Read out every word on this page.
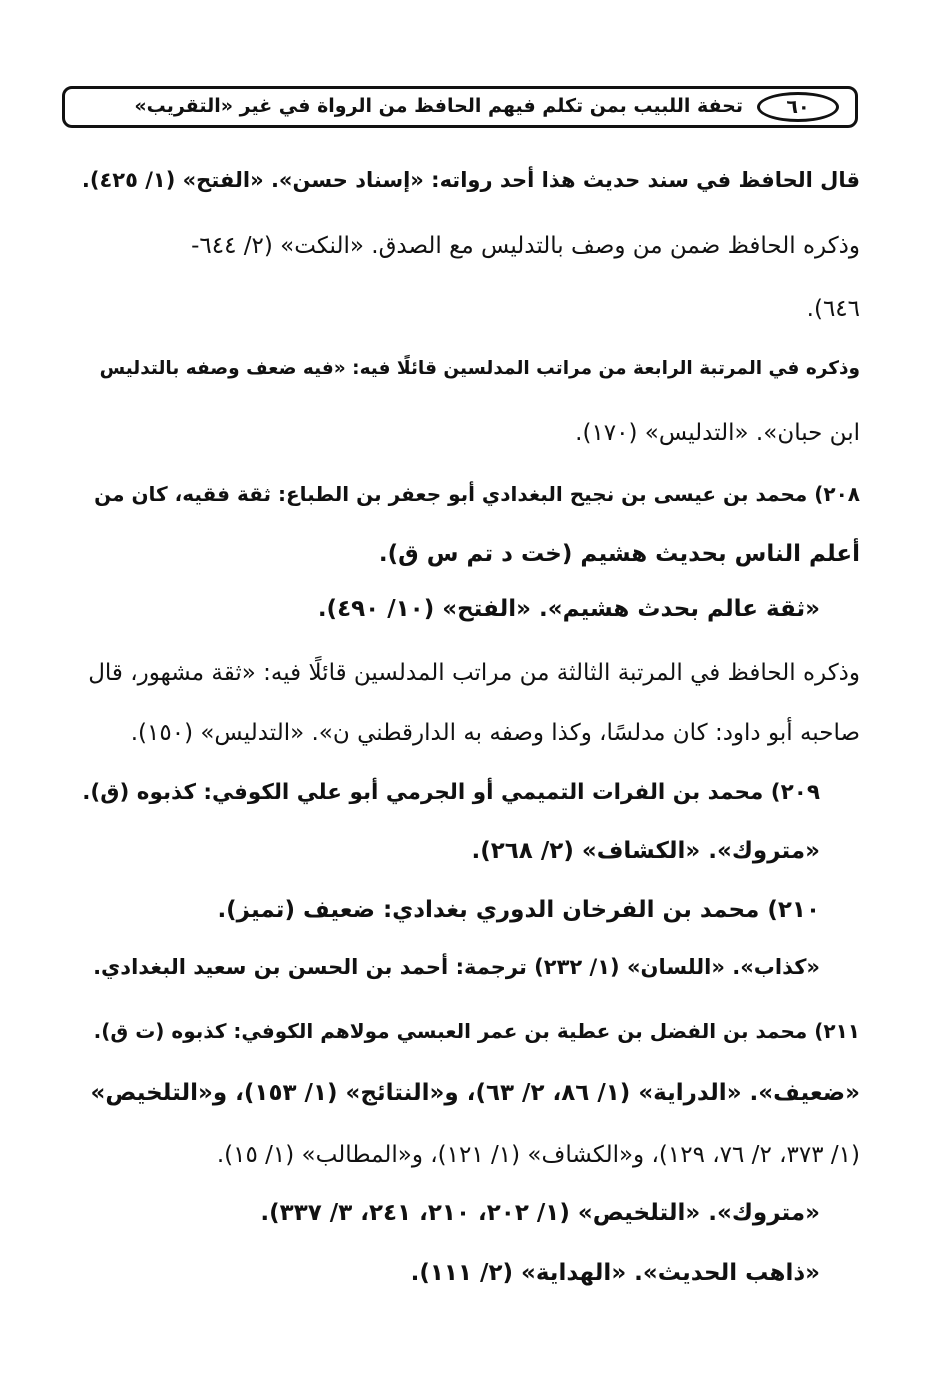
٦٠
تحفة اللبيب بمن تكلم فيهم الحافظ من الرواة في غير «التقريب»
قال الحافظ في سند حديث هذا أحد رواته: «إسناد حسن». «الفتح» (١/ ٤٢٥).
وذكره الحافظ ضمن من وصف بالتدليس مع الصدق. «النكت» (٢/ ٦٤٤-
٦٤٦).
وذكره في المرتبة الرابعة من مراتب المدلسين قائلًا فيه: «فيه ضعف وصفه بالتدليس
ابن حبان». «التدليس» (١٧٠).
٢٠٨) محمد بن عيسى بن نجيح البغدادي أبو جعفر بن الطباع: ثقة فقيه، كان من
أعلم الناس بحديث هشيم (خت د تم س ق).
«ثقة عالم بحدث هشيم». «الفتح» (١٠/ ٤٩٠).
وذكره الحافظ في المرتبة الثالثة من مراتب المدلسين قائلًا فيه: «ثقة مشهور، قال
صاحبه أبو داود: كان مدلسًا، وكذا وصفه به الدارقطني ن». «التدليس» (١٥٠).
٢٠٩) محمد بن الفرات التميمي أو الجرمي أبو علي الكوفي: كذبوه (ق).
«متروك». «الكشاف» (٢/ ٢٦٨).
٢١٠) محمد بن الفرخان الدوري بغدادي: ضعيف (تميز).
«كذاب». «اللسان» (١/ ٢٣٢) ترجمة: أحمد بن الحسن بن سعيد البغدادي.
٢١١) محمد بن الفضل بن عطية بن عمر العبسي مولاهم الكوفي: كذبوه (ت ق).
«ضعيف». «الدراية» (١/ ٨٦، ٢/ ٦٣)، و«النتائج» (١/ ١٥٣)، و«التلخيص»
(١/ ٣٧٣، ٢/ ٧٦، ١٢٩)، و«الكشاف» (١/ ١٢١)، و«المطالب» (١/ ١٥).
«متروك». «التلخيص» (١/ ٢٠٢، ٢١٠، ٢٤١، ٣/ ٣٣٧).
«ذاهب الحديث». «الهداية» (٢/ ١١١).
